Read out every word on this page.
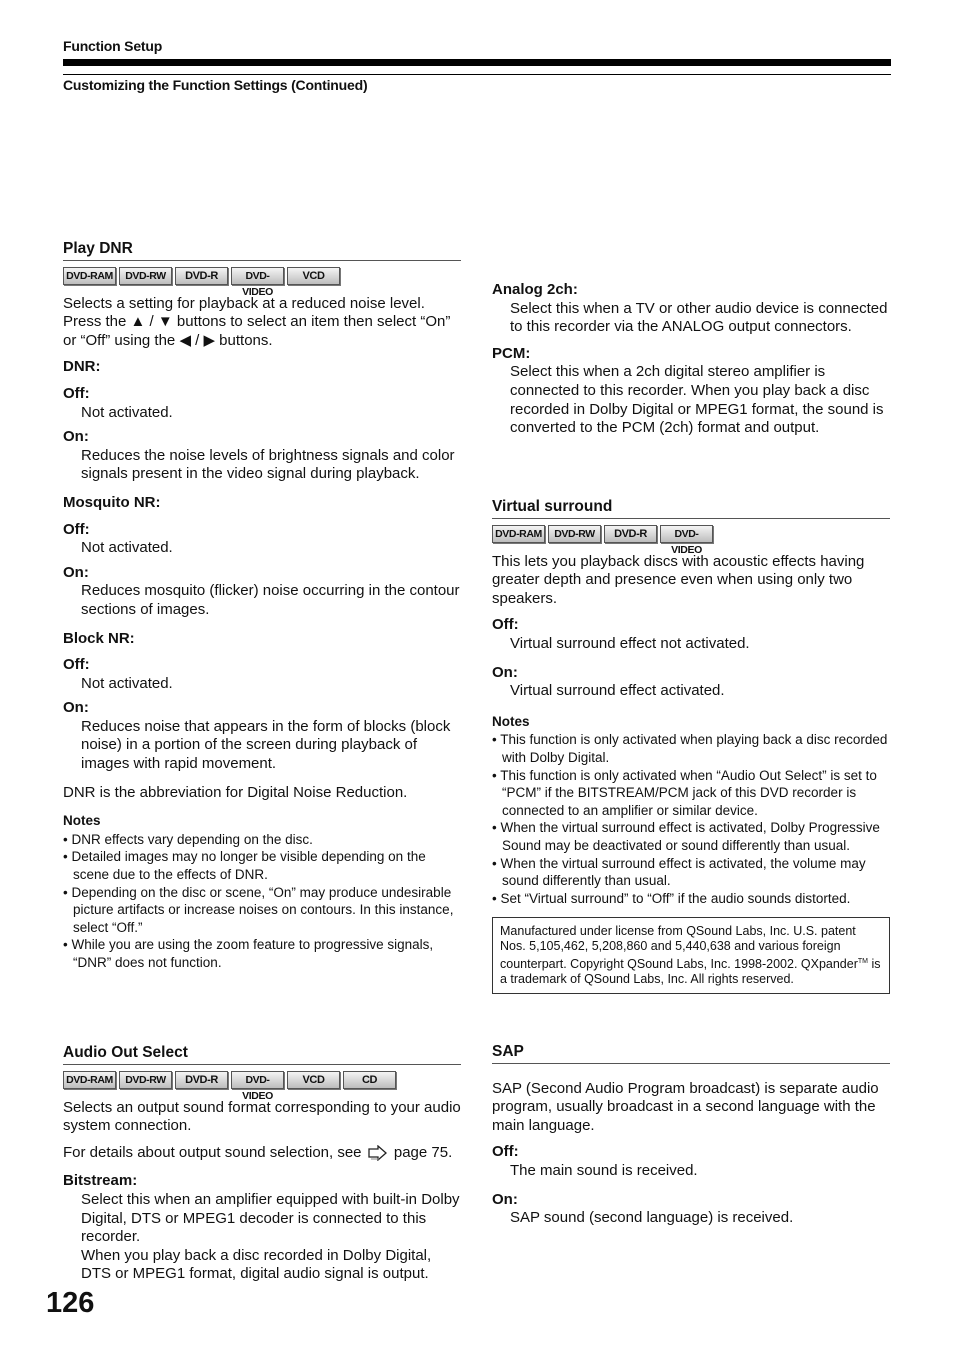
Function Setup
Customizing the Function Settings (Continued)
Play DNR
DVD-RAM	DVD-RW	DVD-R	DVD-VIDEO
VCD

Selects a setting for playback at a reduced noise level. Press the ▲ / ▼ buttons to select an item then select “On” or “Off” using the ◀ / ▶ buttons.

DNR:

Off:

Not activated.

On:

Reduces the noise levels of brightness signals and color signals present in the video signal during playback.

Mosquito NR:

Off:

Not activated.

On:

Reduces mosquito (flicker) noise occurring in the contour sections of images.

Block NR:

Off:

Not activated.

On:

Reduces noise that appears in the form of blocks (block noise) in a portion of the screen during playback of images with rapid movement.

DNR is the abbreviation for Digital Noise Reduction.

Notes

• DNR effects vary depending on the disc.
• Detailed images may no longer be visible depending on the scene due to the effects of DNR.
• Depending on the disc or scene, “On” may produce undesirable picture artifacts or increase noises on contours. In this instance, select “Off.”
• While you are using the zoom feature to progressive signals, “DNR” does not function.
Audio Out Select
DVD-RAM	DVD-RW	DVD-R	DVD-VIDEO
VCD	CD

Selects an output sound format corresponding to your audio system connection.

For details about output sound selection, see page 75.

Bitstream:

Select this when an amplifier equipped with built-in Dolby Digital, DTS or MPEG1 decoder is connected to this recorder.

When you play back a disc recorded in Dolby Digital, DTS or MPEG1 format, digital audio signal is output.

Analog 2ch:

Select this when a TV or other audio device is connected to this recorder via the ANALOG output connectors.

PCM:

Select this when a 2ch digital stereo amplifier is connected to this recorder. When you play back a disc recorded in Dolby Digital or MPEG1 format, the sound is converted to the PCM (2ch) format and output.

Virtual surround
DVD-RAM	DVD-RW	DVD-R	DVD-VIDEO

This lets you playback discs with acoustic effects having greater depth and presence even when using only two speakers.

Off:

Virtual surround effect not activated.

On:

Virtual surround effect activated.

Notes

• This function is only activated when playing back a disc recorded with Dolby Digital.
• This function is only activated when “Audio Out Select” is set to “PCM” if the BITSTREAM/PCM jack of this DVD recorder is connected to an amplifier or similar device.
• When the virtual surround effect is activated, Dolby Progressive Sound may be deactivated or sound differently than usual.
• When the virtual surround effect is activated, the volume may sound differently than usual.
• Set “Virtual surround” to “Off” if the audio sounds distorted.
Manufactured under license from QSound Labs, Inc. U.S. patent Nos. 5,105,462, 5,208,860 and 5,440,638 and various foreign counterpart. Copyright QSound Labs, Inc. 1998-2002. QXpander™ is a trademark of QSound Labs, Inc. All rights reserved.
SAP

SAP (Second Audio Program broadcast) is separate audio program, usually broadcast in a second language with the main language.

Off:

The main sound is received.

On:

SAP sound (second language) is received.

126
